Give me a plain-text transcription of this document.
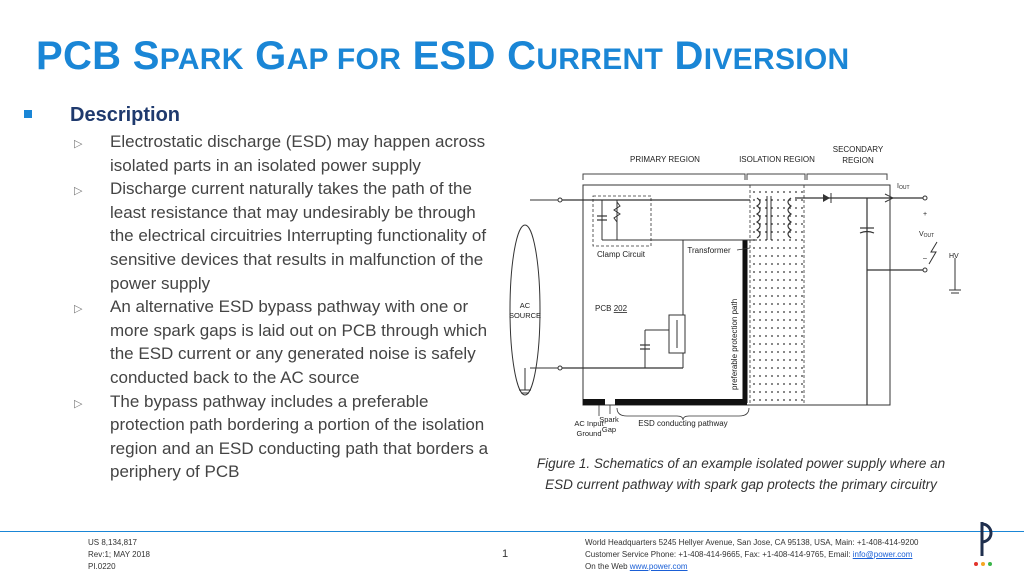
PCB SPARK GAP FOR ESD CURRENT DIVERSION
Description
▷ Electrostatic discharge (ESD) may happen across isolated parts in an isolated power supply
▷ Discharge current naturally takes the path of the least resistance that may undesirably be through the electrical circuitries Interrupting functionality of sensitive devices that results in malfunction of the power supply
▷ An alternative ESD bypass pathway with one or more spark gaps is laid out on PCB through which the ESD current or any generated noise is safely conducted back to the AC source
▷ The bypass pathway includes a preferable protection path bordering a portion of the isolation region and an ESD conducting path that borders a periphery of PCB
PRIMARY REGION	ISOLATION REGION
SECONDARY
REGION
preferable protection path
AC
SOURCE
Clamp Circuit	Transformer
PCB 202
IOUT
+
VOUT
–	HV
AC Input
Ground
Spark
Gap
ESD conducting pathway
Figure 1. Schematics of an example isolated power supply where an
ESD current pathway with spark gap protects the primary circuitry
US 8,134,817
Rev:1; MAY 2018
PI.0220
1
World Headquarters 5245 Hellyer Avenue, San Jose, CA 95138, USA, Main: +1-408-414-9200
Customer Service Phone: +1-408-414-9665, Fax: +1-408-414-9765, Email: info@power.com
On the Web www.power.com
